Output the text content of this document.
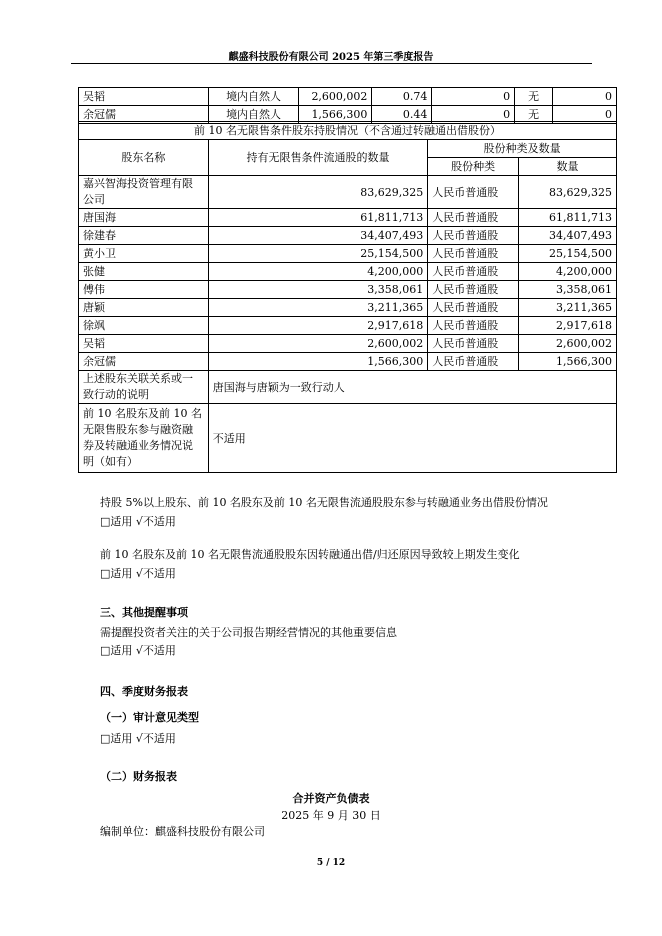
麒盛科技股份有限公司 2025 年第三季度报告
吴韬	境内自然人	2,600,002	0.74	0	无	0
余冠儒	境内自然人	1,566,300	0.44	0	无	0
前 10 名无限售条件股东持股情况（不含通过转融通出借股份）			
股东名称	持有无限售条件流通股的数量	股份种类及数量	
		股份种类	数量
嘉兴智海投资管理有限公司	83,629,325	人民币普通股	83,629,325
唐国海	61,811,713	人民币普通股	61,811,713
徐建春	34,407,493	人民币普通股	34,407,493
黄小卫	25,154,500	人民币普通股	25,154,500
张健	4,200,000	人民币普通股	4,200,000
傅伟	3,358,061	人民币普通股	3,358,061
唐颖	3,211,365	人民币普通股	3,211,365
徐飒	2,917,618	人民币普通股	2,917,618
吴韬	2,600,002	人民币普通股	2,600,002
余冠儒	1,566,300	人民币普通股	1,566,300
上述股东关联关系或一致行动的说明	唐国海与唐颖为一致行动人		
前 10 名股东及前 10 名无限售股东参与融资融券及转融通业务情况说明（如有）	不适用		
持股 5%以上股东、前 10 名股东及前 10 名无限售流通股股东参与转融通业务出借股份情况
□适用 √不适用
前 10 名股东及前 10 名无限售流通股股东因转融通出借/归还原因导致较上期发生变化
□适用 √不适用
三、其他提醒事项
需提醒投资者关注的关于公司报告期经营情况的其他重要信息
□适用 √不适用
四、季度财务报表
（一）审计意见类型
□适用 √不适用
（二）财务报表
合并资产负债表
2025 年 9 月 30 日
编制单位：麒盛科技股份有限公司
5 / 12
